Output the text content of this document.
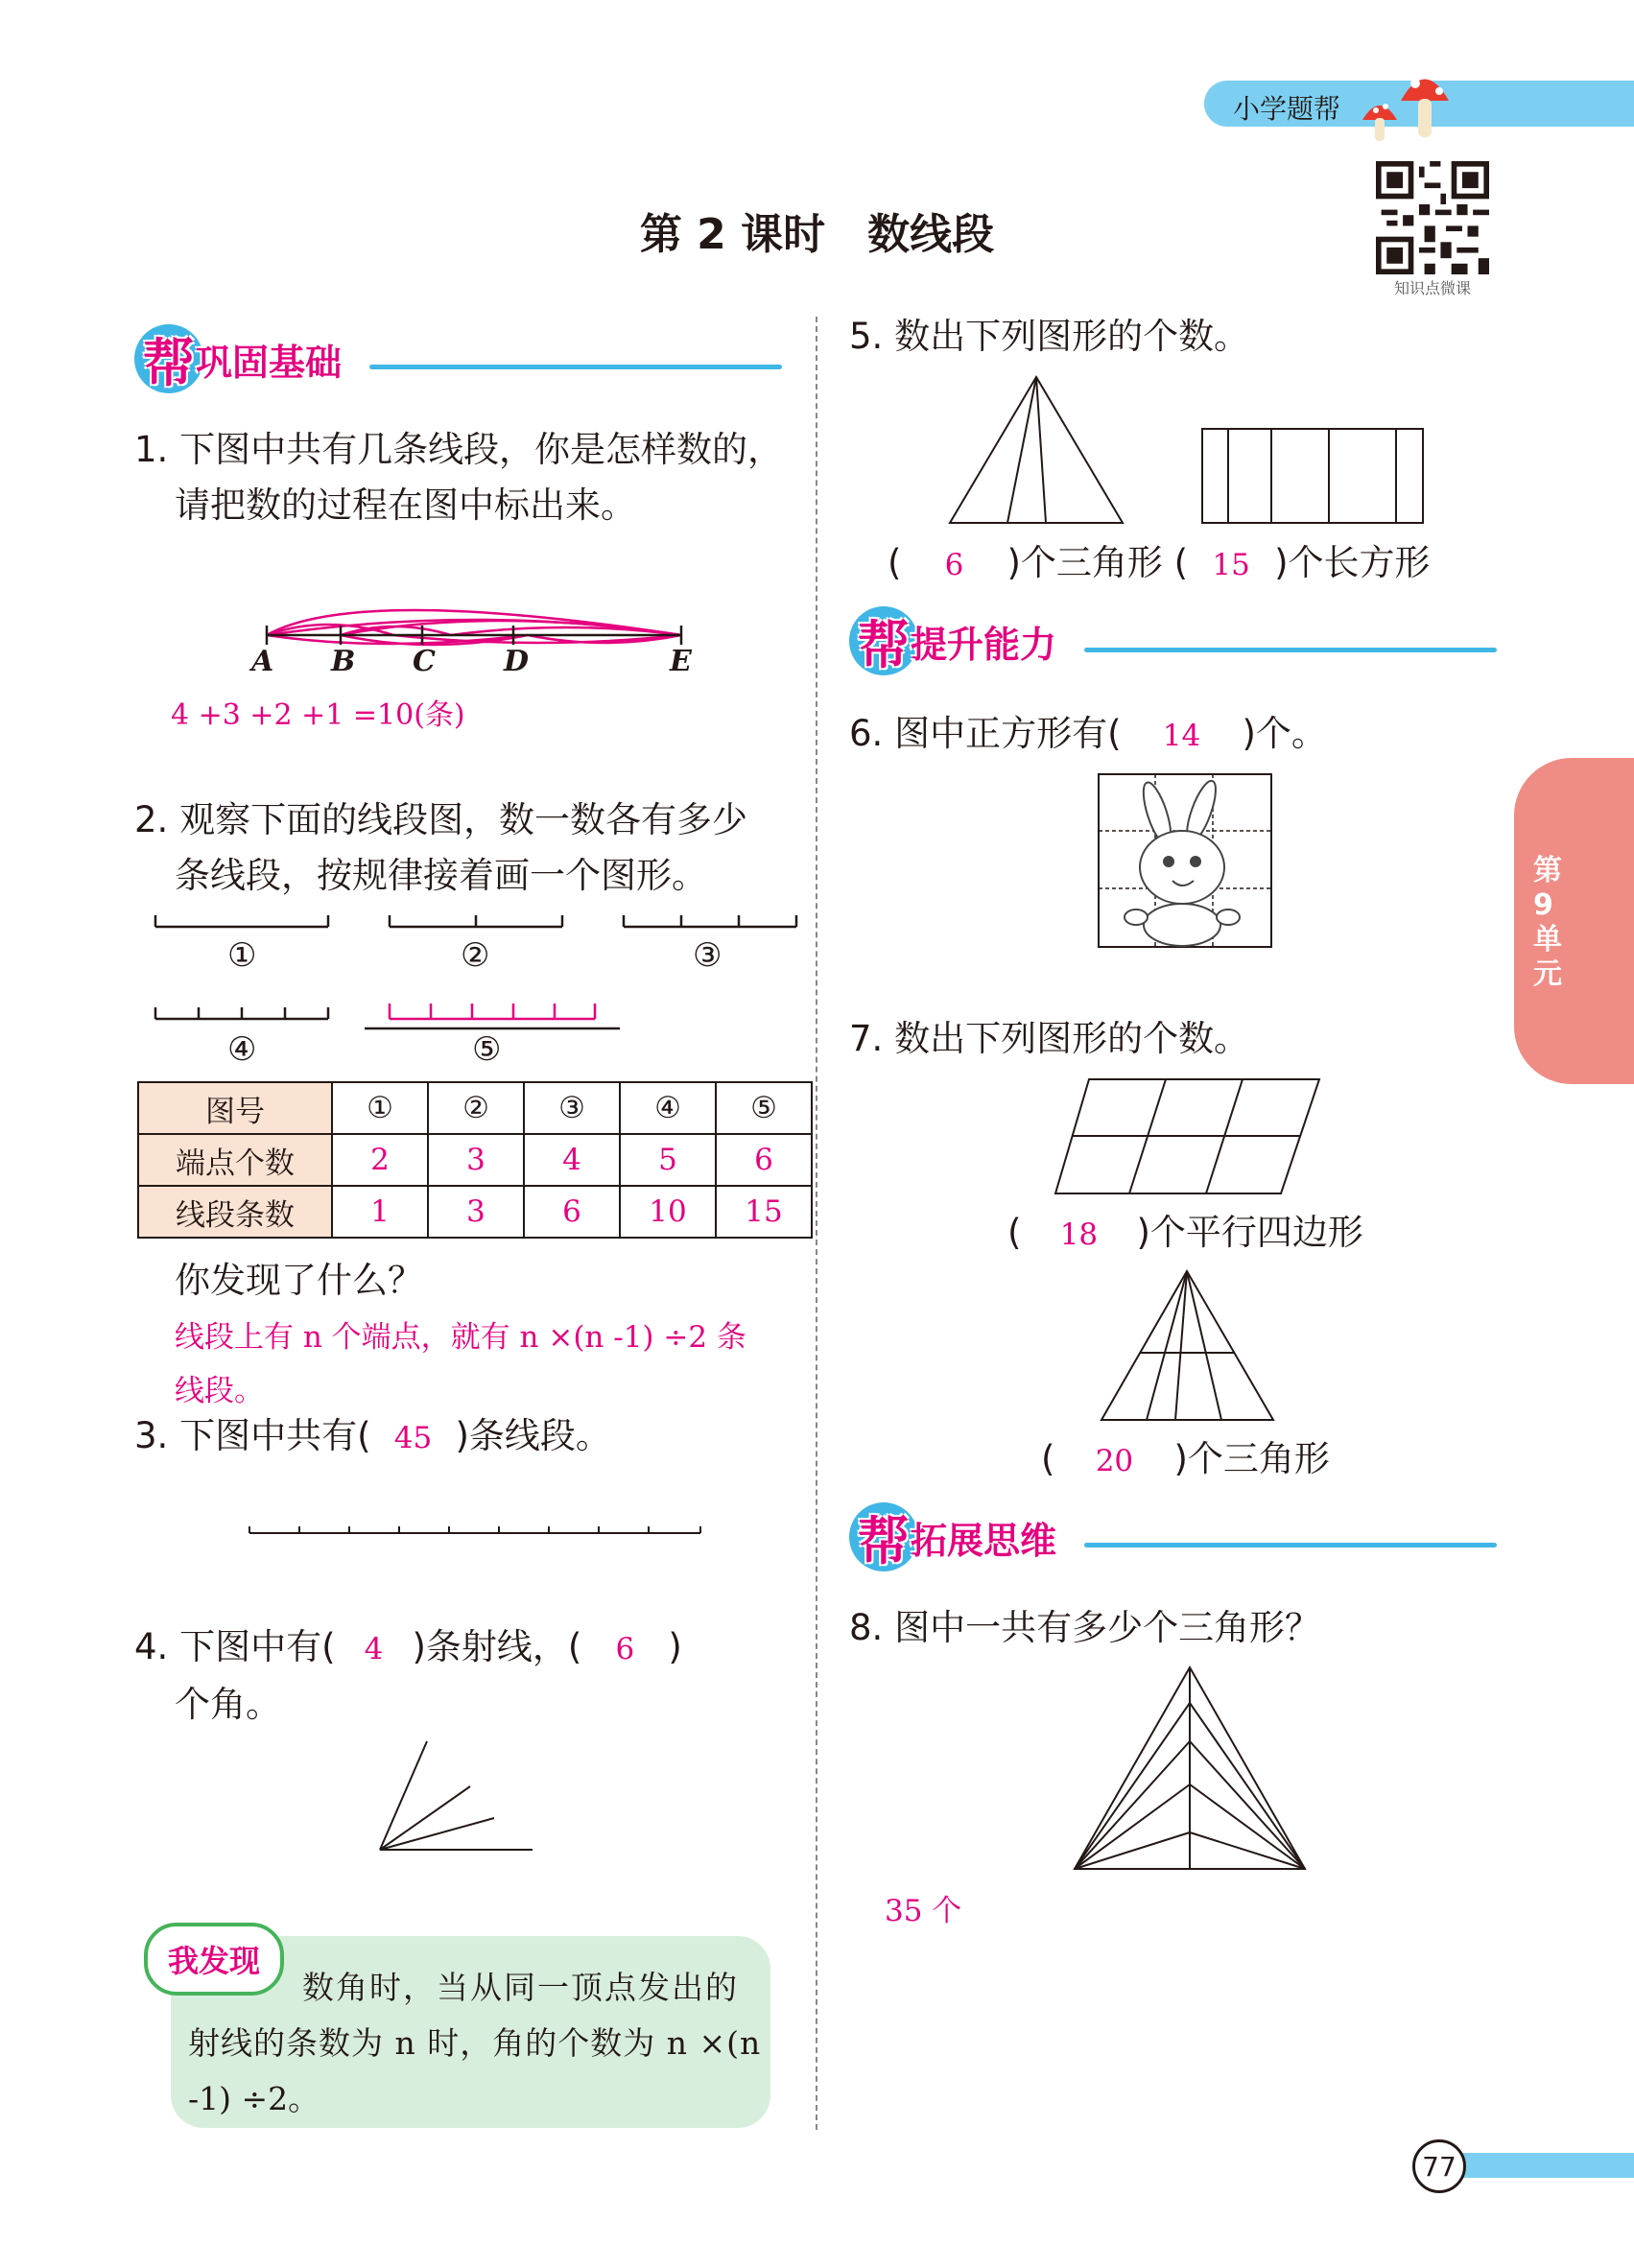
小学题帮
知识点微课
第 2 课时　数线段
第9单元
帮 巩固基础
1. 下图中共有几条线段，你是怎样数的，
请把数的过程在图中标出来。
A B C D	E
4 +3 +2 +1 =10(条)
2. 观察下面的线段图，数一数各有多少
条线段，按规律接着画一个图形。
①	②	③
④	⑤
图号	①	②	③	④	⑤
端点个数	2	3	4	5	6
线段条数	1	3	6	10	15
你发现了什么？
线段上有 n 个端点，就有 n ×(n -1) ÷2 条
线段。
3. 下图中共有( 45 )条线段。
4. 下图中有( 4 )条射线，( 6 )
个角。
我发现
数角时，当从同一顶点发出的
射线的条数为 n 时，角的个数为 n ×(n
-1) ÷2。
5. 数出下列图形的个数。
( 6 )个三角形 ( 15 )个长方形
帮 提升能力
6. 图中正方形有( 14 )个。
7. 数出下列图形的个数。
( 18 )个平行四边形
( 20 )个三角形
帮 拓展思维
8. 图中一共有多少个三角形？
35 个
77
